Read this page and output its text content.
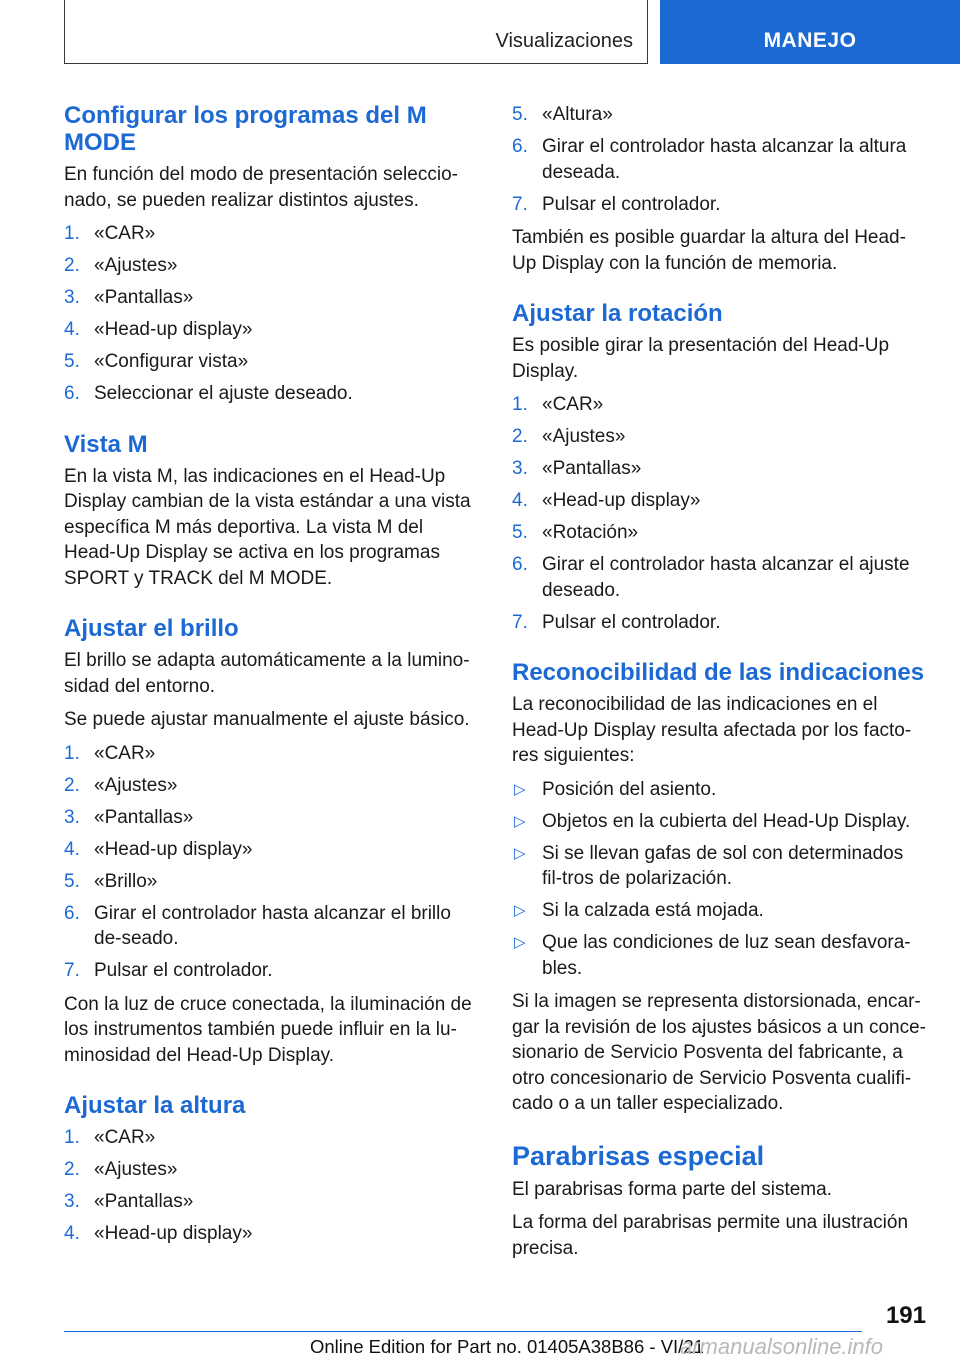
Visualizaciones	MANEJO
Configurar los programas del M MODE

En función del modo de presentación seleccio‐nado, se pueden realizar distintos ajustes.

1. «CAR»
2. «Ajustes»
3. «Pantallas»
4. «Head-up display»
5. «Configurar vista»
6. Seleccionar el ajuste deseado.
Vista M

En la vista M, las indicaciones en el Head-Up Display cambian de la vista estándar a una vista específica M más deportiva. La vista M del Head-Up Display se activa en los programas SPORT y TRACK del M MODE.

Ajustar el brillo

El brillo se adapta automáticamente a la lumino‐sidad del entorno.

Se puede ajustar manualmente el ajuste básico.

1. «CAR»
2. «Ajustes»
3. «Pantallas»
4. «Head-up display»
5. «Brillo»
6. Girar el controlador hasta alcanzar el brillo de‐seado.
7. Pulsar el controlador.

Con la luz de cruce conectada, la iluminación de los instrumentos también puede influir en la lu‐minosidad del Head-Up Display.

Ajustar la altura
1. «CAR»
2. «Ajustes»
3. «Pantallas»
4. «Head-up display»
5. «Altura»
6. Girar el controlador hasta alcanzar la altura deseada.
7. Pulsar el controlador.

También es posible guardar la altura del Head-Up Display con la función de memoria.

Ajustar la rotación

Es posible girar la presentación del Head-Up Display.

1. «CAR»
2. «Ajustes»
3. «Pantallas»
4. «Head-up display»
5. «Rotación»
6. Girar el controlador hasta alcanzar el ajuste deseado.
7. Pulsar el controlador.
Reconocibilidad de las indicaciones

La reconocibilidad de las indicaciones en el Head-Up Display resulta afectada por los facto‐res siguientes:

▷ Posición del asiento.
▷ Objetos en la cubierta del Head-Up Display.
▷ Si se llevan gafas de sol con determinados fil‐tros de polarización.
▷ Si la calzada está mojada.
▷ Que las condiciones de luz sean desfavora‐bles.

Si la imagen se representa distorsionada, encar‐gar la revisión de los ajustes básicos a un conce‐sionario de Servicio Posventa del fabricante, a otro concesionario de Servicio Posventa cualifi‐cado o a un taller especializado.

Parabrisas especial

El parabrisas forma parte del sistema.

La forma del parabrisas permite una ilustración precisa.

191
Online Edition for Part no. 01405A38B86 - VI/21
armanualsonline.info
